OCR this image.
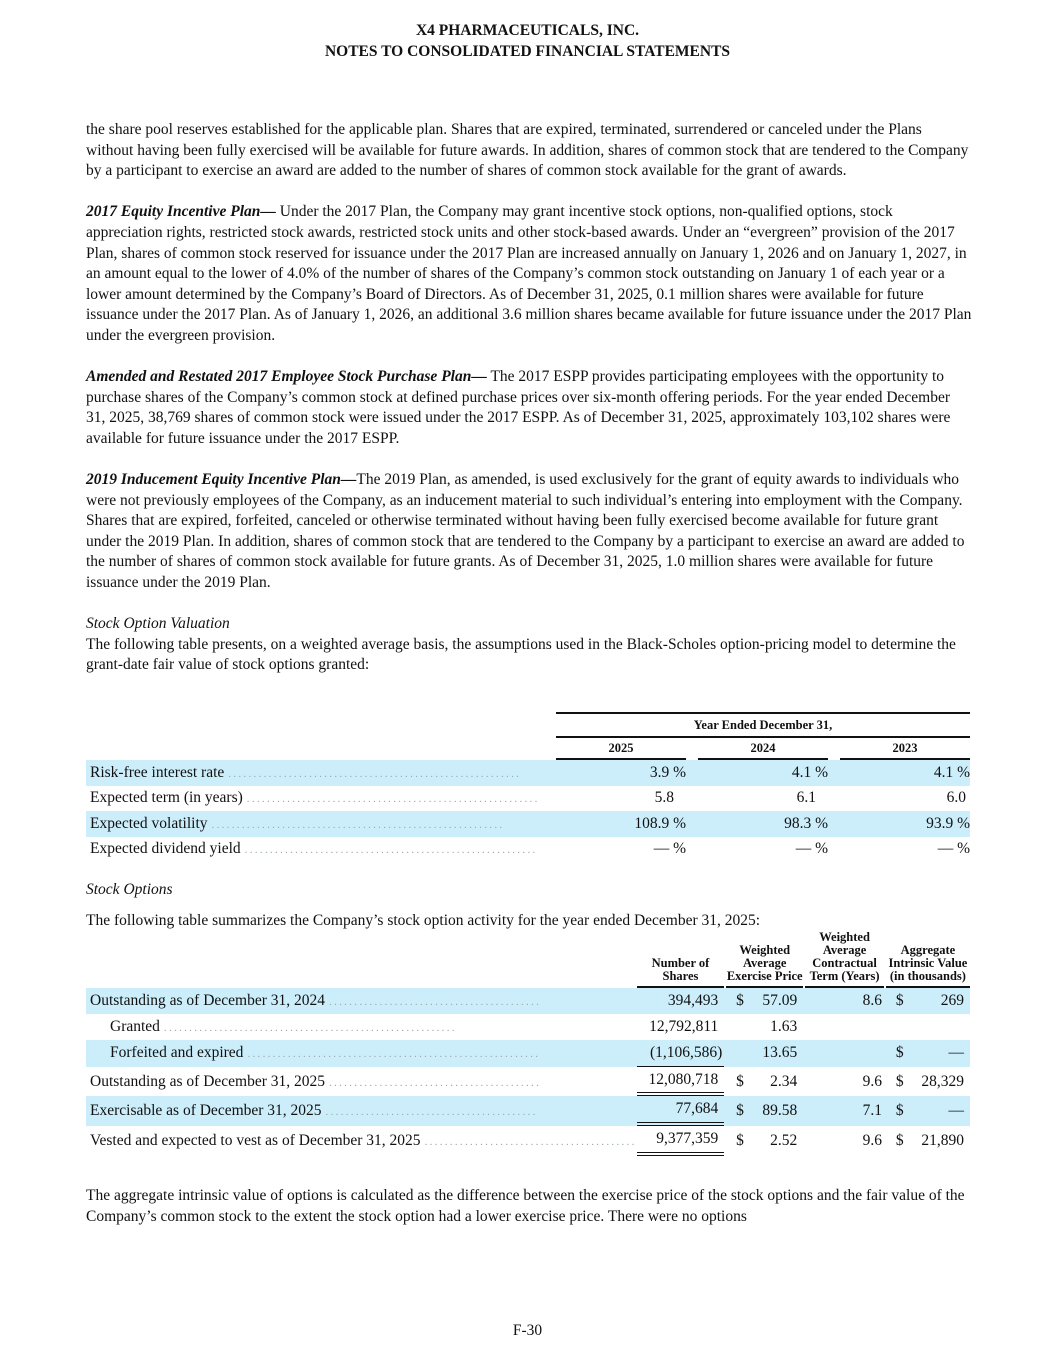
X4 PHARMACEUTICALS, INC.
NOTES TO CONSOLIDATED FINANCIAL STATEMENTS

the share pool reserves established for the applicable plan. Shares that are expired, terminated, surrendered or canceled under the Plans without having been fully exercised will be available for future awards. In addition, shares of common stock that are tendered to the Company by a participant to exercise an award are added to the number of shares of common stock available for the grant of awards.

2017 Equity Incentive Plan— Under the 2017 Plan, the Company may grant incentive stock options, non-qualified options, stock appreciation rights, restricted stock awards, restricted stock units and other stock-based awards. Under an “evergreen” provision of the 2017 Plan, shares of common stock reserved for issuance under the 2017 Plan are increased annually on January 1, 2026 and on January 1, 2027, in an amount equal to the lower of 4.0% of the number of shares of the Company’s common stock outstanding on January 1 of each year or a lower amount determined by the Company’s Board of Directors. As of December 31, 2025, 0.1 million shares were available for future issuance under the 2017 Plan. As of January 1, 2026, an additional 3.6 million shares became available for future issuance under the 2017 Plan under the evergreen provision.

Amended and Restated 2017 Employee Stock Purchase Plan— The 2017 ESPP provides participating employees with the opportunity to purchase shares of the Company’s common stock at defined purchase prices over six-month offering periods. For the year ended December 31, 2025, 38,769 shares of common stock were issued under the 2017 ESPP. As of December 31, 2025, approximately 103,102 shares were available for future issuance under the 2017 ESPP.

2019 Inducement Equity Incentive Plan—The 2019 Plan, as amended, is used exclusively for the grant of equity awards to individuals who were not previously employees of the Company, as an inducement material to such individual’s entering into employment with the Company. Shares that are expired, forfeited, canceled or otherwise terminated without having been fully exercised become available for future grant under the 2019 Plan. In addition, shares of common stock that are tendered to the Company by a participant to exercise an award are added to the number of shares of common stock available for future grants. As of December 31, 2025, 1.0 million shares were available for future issuance under the 2019 Plan.

Stock Option Valuation

The following table presents, on a weighted average basis, the assumptions used in the Black-Scholes option-pricing model to determine the grant-date fair value of stock options granted:

	Year Ended December 31,				
	2025		2024		2023
Risk-free interest rate ..........................................................	3.9 %		4.1 %		4.1 %
Expected term (in years) ..........................................................	5.8		6.1		6.0
Expected volatility ..........................................................	108.9 %		98.3 %		93.9 %
Expected dividend yield ..........................................................	— %		— %		— %

Stock Options

The following table summarizes the Company’s stock option activity for the year ended December 31, 2025:

	Number of Shares		Weighted Average Exercise Price			Weighted Average Contractual Term (Years)		Aggregate Intrinsic Value (in thousands)	
Outstanding as of December 31, 2024 ..........................................	394,493		$	57.09		8.6		$	269
Granted ..........................................................	12,792,811			1.63					
Forfeited and expired ..........................................................	(1,106,586)			13.65				$	—
Outstanding as of December 31, 2025 ..........................................	12,080,718		$	2.34		9.6		$	28,329
Exercisable as of December 31, 2025 ..........................................	77,684		$	89.58		7.1		$	—
Vested and expected to vest as of December 31, 2025 ..........................................	9,377,359		$	2.52		9.6		$	21,890

The aggregate intrinsic value of options is calculated as the difference between the exercise price of the stock options and the fair value of the Company’s common stock to the extent the stock option had a lower exercise price. There were no options

F-30
